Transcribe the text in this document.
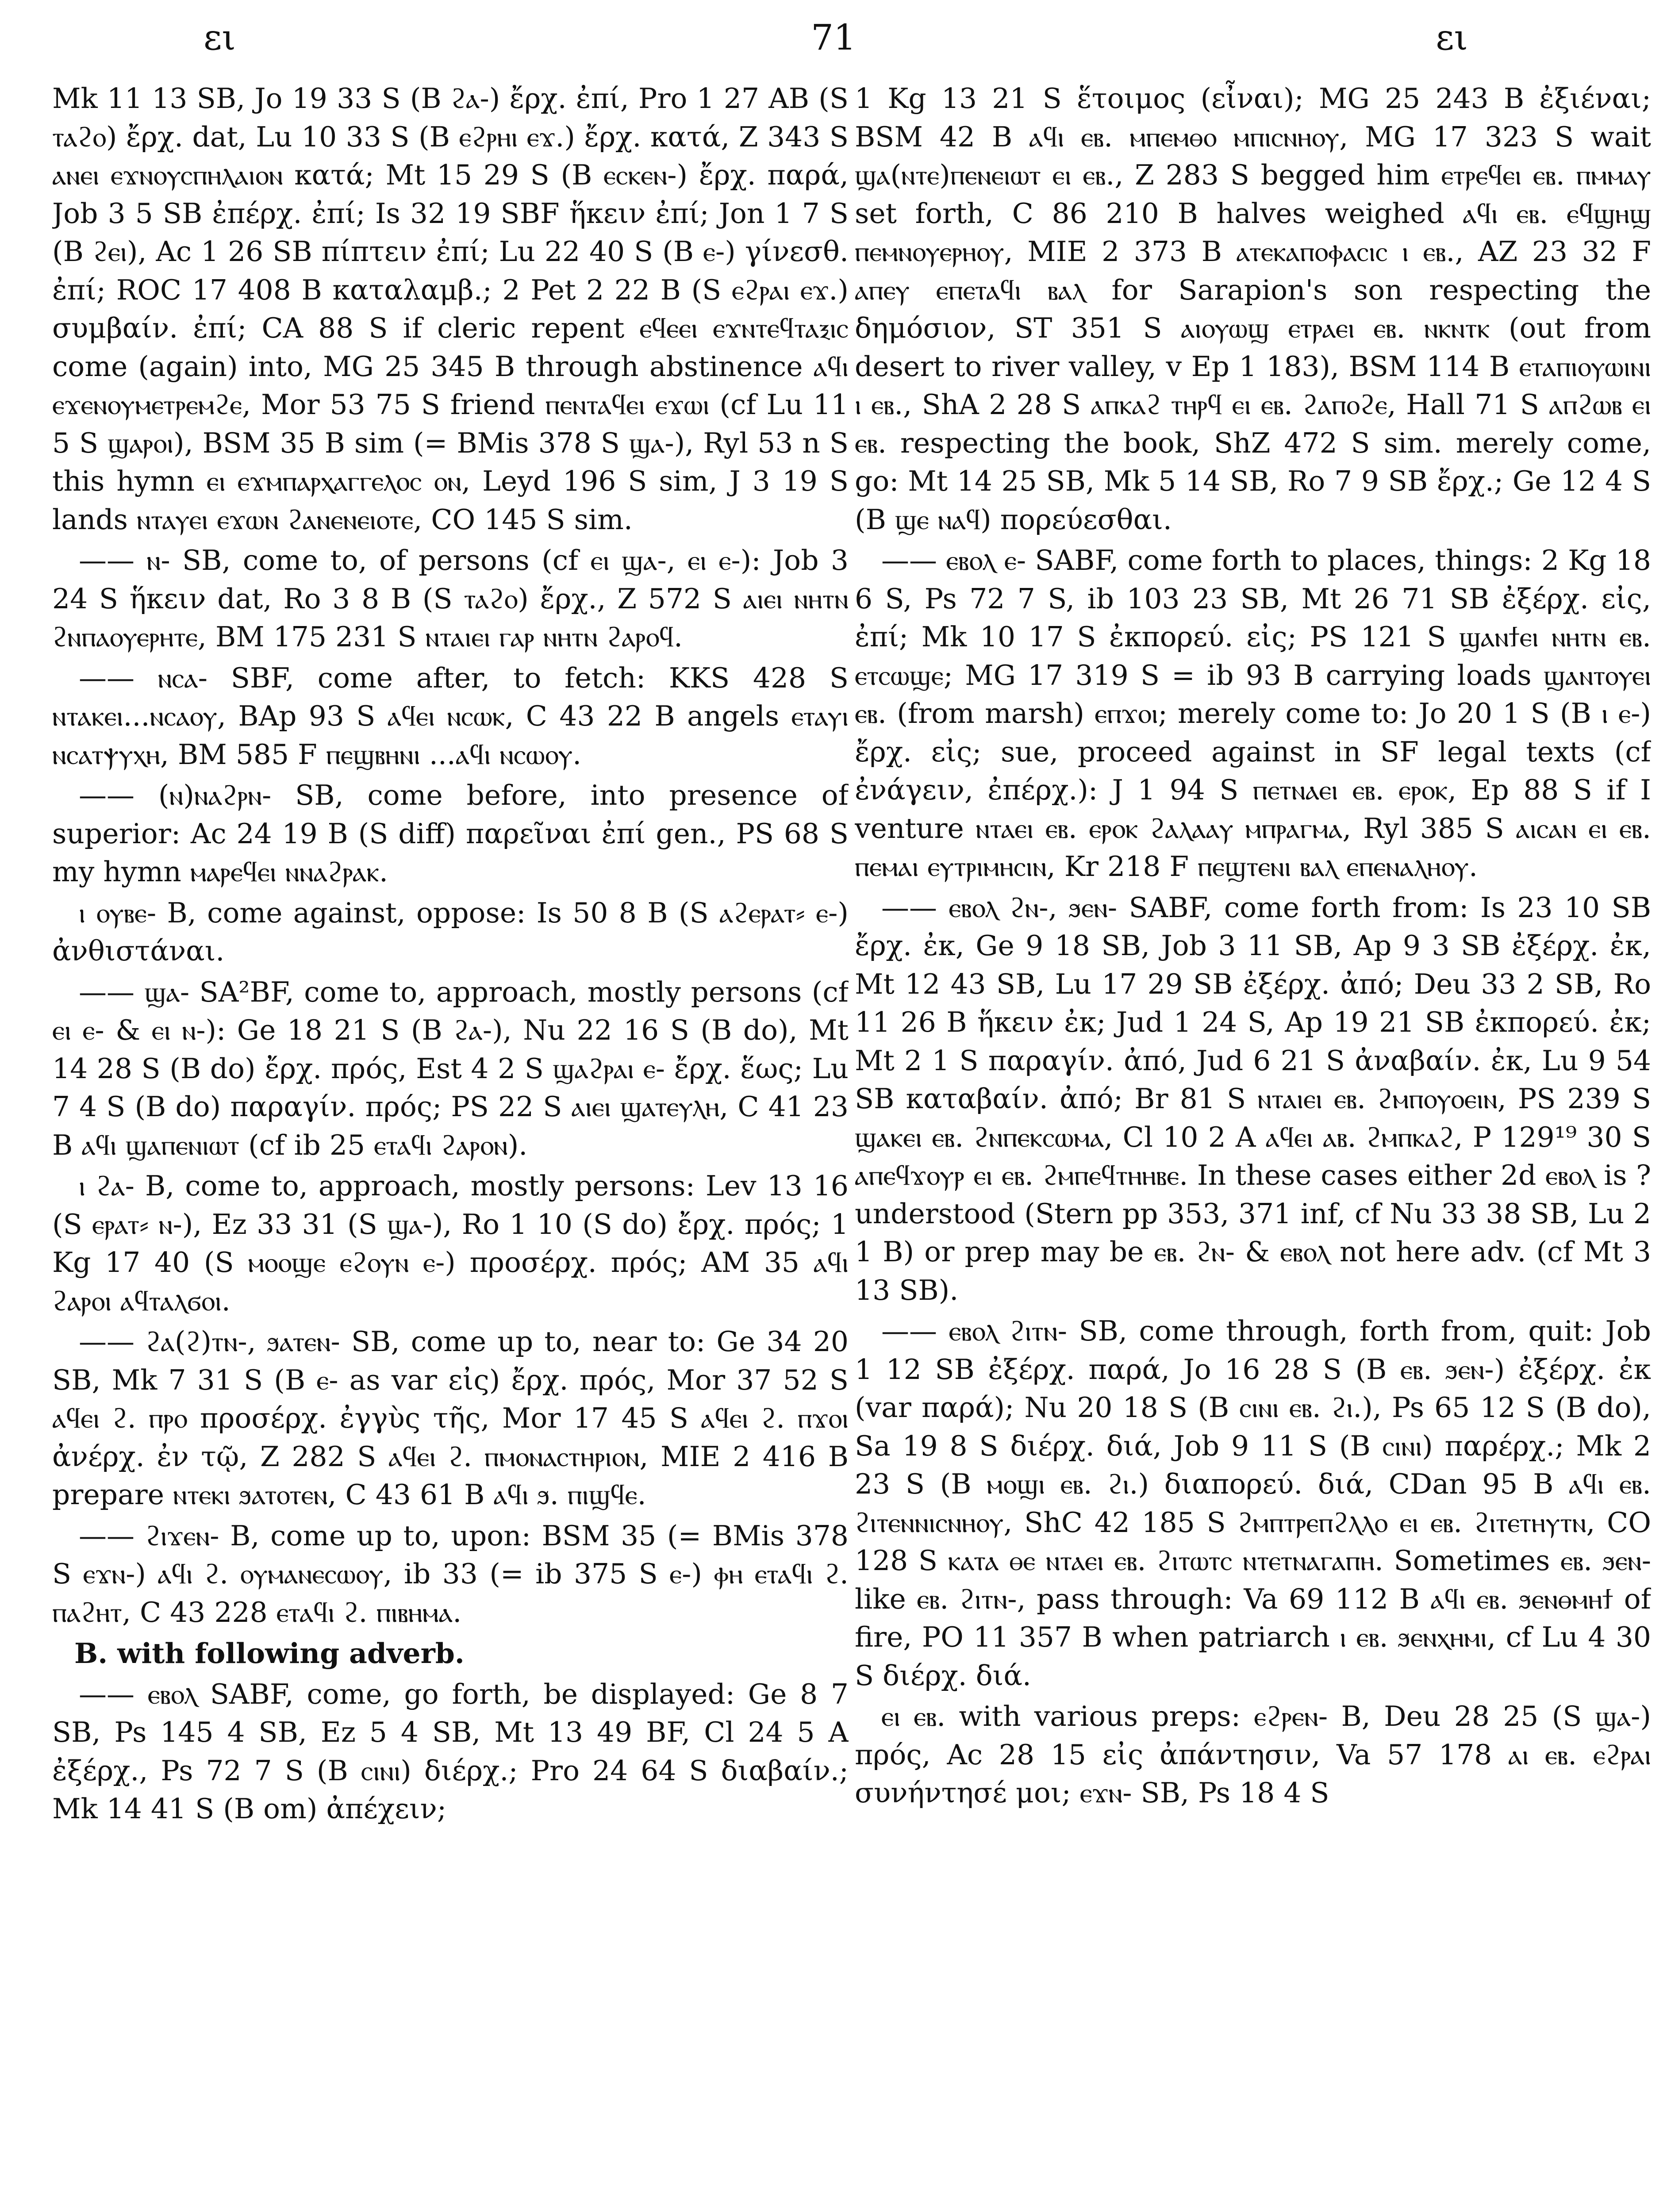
ει	71	ει

Mk 11 13 SB, Jo 19 33 S (B ϩⲁ-) ἔρχ. ἐπί, Pro 1 27 AB (S ⲧⲁϩⲟ) ἔρχ. dat, Lu 10 33 S (B ⲉϩⲣⲏⲓ ⲉϫ.) ἔρχ. κατά, Z 343 S ⲁⲛⲉⲓ ⲉϫⲛⲟⲩⲥⲡⲏⲗⲁⲓⲟⲛ κατά; Mt 15 29 S (B ⲉⲥⲕⲉⲛ-) ἔρχ. παρά, Job 3 5 SB ἐπέρχ. ἐπί; Is 32 19 SBF ἥκειν ἐπί; Jon 1 7 S (B ϩⲉⲓ), Ac 1 26 SB πίπτειν ἐπί; Lu 22 40 S (B ⲉ-) γίνεσθ. ἐπί; ROC 17 408 B καταλαμβ.; 2 Pet 2 22 B (S ⲉϩⲣⲁⲓ ⲉϫ.) συμβαίν. ἐπί; CA 88 S if cleric repent ⲉϥⲉⲉⲓ ⲉϫⲛⲧⲉϥⲧⲁⲝⲓⲥ come (again) into, MG 25 345 B through abstinence ⲁϥⲓ ⲉϫⲉⲛⲟⲩⲙⲉⲧⲣⲉⲙϩⲉ, Mor 53 75 S friend ⲡⲉⲛⲧⲁϥⲉⲓ ⲉϫⲱⲓ (cf Lu 11 5 S ϣⲁⲣⲟⲓ), BSM 35 B sim (= BMis 378 S ϣⲁ-), Ryl 53 n S this hymn ⲉⲓ ⲉϫⲙⲡⲁⲣⲭⲁⲅⲅⲉⲗⲟⲥ ⲟⲛ, Leyd 196 S sim, J 3 19 S lands ⲛⲧⲁⲩⲉⲓ ⲉϫⲱⲛ ϩⲁⲛⲉⲛⲉⲓⲟⲧⲉ, CO 145 S sim.

—— ⲛ- SB, come to, of persons (cf ⲉⲓ ϣⲁ-, ⲉⲓ ⲉ-): Job 3 24 S ἥκειν dat, Ro 3 8 B (S ⲧⲁϩⲟ) ἔρχ., Z 572 S ⲁⲓⲉⲓ ⲛⲏⲧⲛ ϩⲛⲡⲁⲟⲩⲉⲣⲏⲧⲉ, BM 175 231 S ⲛⲧⲁⲓⲉⲓ ⲅⲁⲣ ⲛⲏⲧⲛ ϩⲁⲣⲟϥ.

—— ⲛⲥⲁ- SBF, come after, to fetch: KKS 428 S ⲛⲧⲁⲕⲉⲓ...ⲛⲥⲁⲟⲩ, BAp 93 S ⲁϥⲉⲓ ⲛⲥⲱⲕ, C 43 22 B angels ⲉⲧⲁⲩⲓ ⲛⲥⲁⲧⲯⲩⲭⲏ, BM 585 F ⲡⲉϣⲃⲏⲛⲓ ...ⲁϥⲓ ⲛⲥⲱⲟⲩ.

—— (ⲛ)ⲛⲁϩⲣⲛ- SB, come before, into presence of superior: Ac 24 19 B (S diff) παρεῖναι ἐπί gen., PS 68 S my hymn ⲙⲁⲣⲉϥⲉⲓ ⲛⲛⲁϩⲣⲁⲕ.

ⲓ ⲟⲩⲃⲉ- B, come against, oppose: Is 50 8 B (S ⲁϩⲉⲣⲁⲧ⸗ ⲉ-) ἀνθιστάναι.

—— ϣⲁ- SA²BF, come to, approach, mostly persons (cf ⲉⲓ ⲉ- & ⲉⲓ ⲛ-): Ge 18 21 S (B ϩⲁ-), Nu 22 16 S (B do), Mt 14 28 S (B do) ἔρχ. πρός, Est 4 2 S ϣⲁϩⲣⲁⲓ ⲉ- ἔρχ. ἕως; Lu 7 4 S (B do) παραγίν. πρός; PS 22 S ⲁⲓⲉⲓ ϣⲁⲧⲉⲩⲗⲏ, C 41 23 B ⲁϥⲓ ϣⲁⲡⲉⲛⲓⲱⲧ (cf ib 25 ⲉⲧⲁϥⲓ ϩⲁⲣⲟⲛ).

ⲓ ϩⲁ- B, come to, approach, mostly persons: Lev 13 16 (S ⲉⲣⲁⲧ⸗ ⲛ-), Ez 33 31 (S ϣⲁ-), Ro 1 10 (S do) ἔρχ. πρός; 1 Kg 17 40 (S ⲙⲟⲟϣⲉ ⲉϩⲟⲩⲛ ⲉ-) προσέρχ. πρός; AM 35 ⲁϥⲓ ϩⲁⲣⲟⲓ ⲁϥⲧⲁⲗϭⲟⲓ.

—— ϩⲁ(ϩ)ⲧⲛ-, ϧⲁⲧⲉⲛ- SB, come up to, near to: Ge 34 20 SB, Mk 7 31 S (B ⲉ- as var εἰς) ἔρχ. πρός, Mor 37 52 S ⲁϥⲉⲓ ϩ. ⲡⲣⲟ προσέρχ. ἐγγὺς τῆς, Mor 17 45 S ⲁϥⲉⲓ ϩ. ⲡϫⲟⲓ ἀνέρχ. ἐν τῷ, Z 282 S ⲁϥⲉⲓ ϩ. ⲡⲙⲟⲛⲁⲥⲧⲏⲣⲓⲟⲛ, MIE 2 416 B prepare ⲛⲧⲉⲕⲓ ϧⲁⲧⲟⲧⲉⲛ, C 43 61 B ⲁϥⲓ ϧ. ⲡⲓϣϥⲉ.

—— ϩⲓϫⲉⲛ- B, come up to, upon: BSM 35 (= BMis 378 S ⲉϫⲛ-) ⲁϥⲓ ϩ. ⲟⲩⲙⲁⲛⲉⲥⲱⲟⲩ, ib 33 (= ib 375 S ⲉ-) ⲫⲏ ⲉⲧⲁϥⲓ ϩ. ⲡⲁϩⲏⲧ, C 43 228 ⲉⲧⲁϥⲓ ϩ. ⲡⲓⲃⲏⲙⲁ.

B. with following adverb.

—— ⲉⲃⲟⲗ SABF, come, go forth, be displayed: Ge 8 7 SB, Ps 145 4 SB, Ez 5 4 SB, Mt 13 49 BF, Cl 24 5 A ἐξέρχ., Ps 72 7 S (B ⲥⲓⲛⲓ) διέρχ.; Pro 24 64 S διαβαίν.; Mk 14 41 S (B om) ἀπέχειν;

1 Kg 13 21 S ἕτοιμος (εἶναι); MG 25 243 B ἐξιέναι; BSM 42 B ⲁϥⲓ ⲉⲃ. ⲙⲡⲉⲙⲑⲟ ⲙⲡⲓⲥⲛⲏⲟⲩ, MG 17 323 S wait ϣⲁ(ⲛⲧⲉ)ⲡⲉⲛⲉⲓⲱⲧ ⲉⲓ ⲉⲃ., Z 283 S begged him ⲉⲧⲣⲉϥⲉⲓ ⲉⲃ. ⲡⲙⲙⲁⲩ set forth, C 86 210 B halves weighed ⲁϥⲓ ⲉⲃ. ⲉϥϣⲏϣ ⲡⲉⲙⲛⲟⲩⲉⲣⲏⲟⲩ, MIE 2 373 B ⲁⲧⲉⲕⲁⲡⲟⲫⲁⲥⲓⲥ ⲓ ⲉⲃ., AZ 23 32 F ⲁⲡⲉⲩ ⲉⲡⲉⲧⲁϥⲓ ⲃⲁⲗ for Sarapion's son respecting the δημόσιον, ST 351 S ⲁⲓⲟⲩⲱϣ ⲉⲧⲣⲁⲉⲓ ⲉⲃ. ⲛⲕⲛⲧⲕ (out from desert to river valley, v Ep 1 183), BSM 114 B ⲉⲧⲁⲡⲓⲟⲩⲱⲓⲛⲓ ⲓ ⲉⲃ., ShA 2 28 S ⲁⲡⲕⲁϩ ⲧⲏⲣϥ ⲉⲓ ⲉⲃ. ϩⲁⲡⲟϩⲉ, Hall 71 S ⲁⲡϩⲱⲃ ⲉⲓ ⲉⲃ. respecting the book, ShZ 472 S sim. merely come, go: Mt 14 25 SB, Mk 5 14 SB, Ro 7 9 SB ἔρχ.; Ge 12 4 S (B ϣⲉ ⲛⲁϥ) πορεύεσθαι.

—— ⲉⲃⲟⲗ ⲉ- SABF, come forth to places, things: 2 Kg 18 6 S, Ps 72 7 S, ib 103 23 SB, Mt 26 71 SB ἐξέρχ. εἰς, ἐπί; Mk 10 17 S ἐκπορεύ. εἰς; PS 121 S ϣⲁⲛϯⲉⲓ ⲛⲏⲧⲛ ⲉⲃ. ⲉⲧⲥⲱϣⲉ; MG 17 319 S = ib 93 B carrying loads ϣⲁⲛⲧⲟⲩⲉⲓ ⲉⲃ. (from marsh) ⲉⲡϫⲟⲓ; merely come to: Jo 20 1 S (B ⲓ ⲉ-) ἔρχ. εἰς; sue, proceed against in SF legal texts (cf ἐνάγειν, ἐπέρχ.): J 1 94 S ⲡⲉⲧⲛⲁⲉⲓ ⲉⲃ. ⲉⲣⲟⲕ, Ep 88 S if I venture ⲛⲧⲁⲉⲓ ⲉⲃ. ⲉⲣⲟⲕ ϩⲁⲗⲁⲁⲩ ⲙⲡⲣⲁⲅⲙⲁ, Ryl 385 S ⲁⲓⲥⲁⲛ ⲉⲓ ⲉⲃ. ⲡⲉⲙⲁⲓ ⲉⲩⲧⲣⲓⲙⲏⲥⲓⲛ, Kr 218 F ⲡⲉϣⲧⲉⲛⲓ ⲃⲁⲗ ⲉⲡⲉⲛⲁⲗⲏⲟⲩ.

—— ⲉⲃⲟⲗ ϩⲛ-, ϧⲉⲛ- SABF, come forth from: Is 23 10 SB ἔρχ. ἐκ, Ge 9 18 SB, Job 3 11 SB, Ap 9 3 SB ἐξέρχ. ἐκ, Mt 12 43 SB, Lu 17 29 SB ἐξέρχ. ἀπό; Deu 33 2 SB, Ro 11 26 B ἥκειν ἐκ; Jud 1 24 S, Ap 19 21 SB ἐκπορεύ. ἐκ; Mt 2 1 S παραγίν. ἀπό, Jud 6 21 S ἀναβαίν. ἐκ, Lu 9 54 SB καταβαίν. ἀπό; Br 81 S ⲛⲧⲁⲓⲉⲓ ⲉⲃ. ϩⲙⲡⲟⲩⲟⲉⲓⲛ, PS 239 S ϣⲁⲕⲉⲓ ⲉⲃ. ϩⲛⲡⲉⲕⲥⲱⲙⲁ, Cl 10 2 A ⲁϥⲉⲓ ⲁⲃ. ϩⲙⲡⲕⲁϩ, P 129¹⁹ 30 S ⲁⲡⲉϥϫⲟⲩⲣ ⲉⲓ ⲉⲃ. ϩⲙⲡⲉϥⲧⲏⲏⲃⲉ. In these cases either 2d ⲉⲃⲟⲗ is ?understood (Stern pp 353, 371 inf, cf Nu 33 38 SB, Lu 2 1 B) or prep may be ⲉⲃ. ϩⲛ- & ⲉⲃⲟⲗ not here adv. (cf Mt 3 13 SB).

—— ⲉⲃⲟⲗ ϩⲓⲧⲛ- SB, come through, forth from, quit: Job 1 12 SB ἐξέρχ. παρά, Jo 16 28 S (B ⲉⲃ. ϧⲉⲛ-) ἐξέρχ. ἐκ (var παρά); Nu 20 18 S (B ⲥⲓⲛⲓ ⲉⲃ. ϩⲓ.), Ps 65 12 S (B do), Sa 19 8 S διέρχ. διά, Job 9 11 S (B ⲥⲓⲛⲓ) παρέρχ.; Mk 2 23 S (B ⲙⲟϣⲓ ⲉⲃ. ϩⲓ.) διαπορεύ. διά, CDan 95 B ⲁϥⲓ ⲉⲃ. ϩⲓⲧⲉⲛⲛⲓⲥⲛⲏⲟⲩ, ShC 42 185 S ϩⲙⲡⲧⲣⲉⲡϩⲗⲗⲟ ⲉⲓ ⲉⲃ. ϩⲓⲧⲉⲧⲏⲩⲧⲛ, CO 128 S ⲕⲁⲧⲁ ⲑⲉ ⲛⲧⲁⲉⲓ ⲉⲃ. ϩⲓⲧⲱⲧⲥ ⲛⲧⲉⲧⲛⲁⲅⲁⲡⲏ. Sometimes ⲉⲃ. ϧⲉⲛ- like ⲉⲃ. ϩⲓⲧⲛ-, pass through: Va 69 112 B ⲁϥⲓ ⲉⲃ. ϧⲉⲛⲑⲙⲏϯ of fire, PO 11 357 B when patriarch ⲓ ⲉⲃ. ϧⲉⲛⲭⲏⲙⲓ, cf Lu 4 30 S διέρχ. διά.

ⲉⲓ ⲉⲃ. with various preps: ⲉϩⲣⲉⲛ- B, Deu 28 25 (S ϣⲁ-) πρός, Ac 28 15 εἰς ἀπάντησιν, Va 57 178 ⲁⲓ ⲉⲃ. ⲉϩⲣⲁⲓ συνήντησέ μοι; ⲉϫⲛ- SB, Ps 18 4 S
